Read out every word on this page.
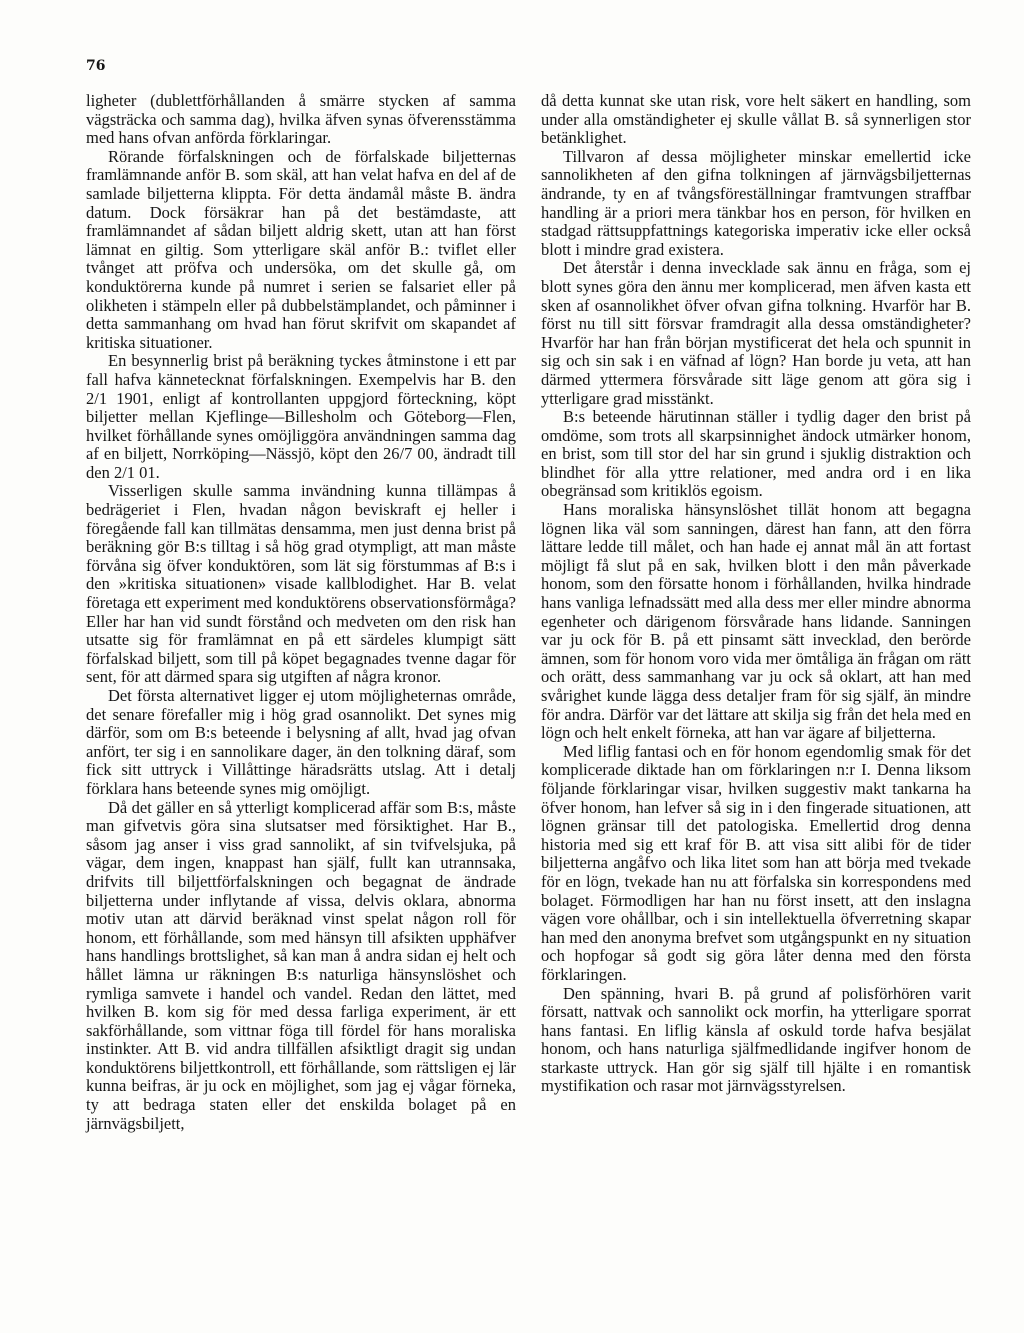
76

ligheter (dublettförhållanden å smärre stycken af samma vägsträcka och samma dag), hvilka äfven synas öfverensstämma med hans ofvan anförda förklaringar.

Rörande förfalskningen och de förfalskade biljetternas framlämnande anför B. som skäl, att han velat hafva en del af de samlade biljetterna klippta. För detta ändamål måste B. ändra datum. Dock försäkrar han på det bestämdaste, att framlämnandet af sådan biljett aldrig skett, utan att han först lämnat en giltig. Som ytterligare skäl anför B.: tviflet eller tvånget att pröfva och undersöka, om det skulle gå, om konduktörerna kunde på numret i serien se falsariet eller på olikheten i stämpeln eller på dubbelstämplandet, och påminner i detta sammanhang om hvad han förut skrifvit om skapandet af kritiska situationer.

En besynnerlig brist på beräkning tyckes åtminstone i ett par fall hafva kännetecknat förfalskningen. Exempelvis har B. den 2/1 1901, enligt af kontrollanten uppgjord förteckning, köpt biljetter mellan Kjeflinge—Billesholm och Göteborg—Flen, hvilket förhållande synes omöjliggöra användningen samma dag af en biljett, Norrköping—Nässjö, köpt den 26/7 00, ändradt till den 2/1 01.

Visserligen skulle samma invändning kunna tillämpas å bedrägeriet i Flen, hvadan någon beviskraft ej heller i föregående fall kan tillmätas densamma, men just denna brist på beräkning gör B:s tilltag i så hög grad otympligt, att man måste förvåna sig öfver konduktören, som lät sig förstummas af B:s i den »kritiska situationen» visade kallblodighet. Har B. velat företaga ett experiment med konduktörens observationsförmåga? Eller har han vid sundt förstånd och medveten om den risk han utsatte sig för framlämnat en på ett särdeles klumpigt sätt förfalskad biljett, som till på köpet begagnades tvenne dagar för sent, för att därmed spara sig utgiften af några kronor.

Det första alternativet ligger ej utom möjligheternas område, det senare förefaller mig i hög grad osannolikt. Det synes mig därför, som om B:s beteende i belysning af allt, hvad jag ofvan anfört, ter sig i en sannolikare dager, än den tolkning däraf, som fick sitt uttryck i Villåttinge häradsrätts utslag. Att i detalj förklara hans beteende synes mig omöjligt.

Då det gäller en så ytterligt komplicerad affär som B:s, måste man gifvetvis göra sina slutsatser med försiktighet. Har B., såsom jag anser i viss grad sannolikt, af sin tvifvelsjuka, på vägar, dem ingen, knappast han själf, fullt kan utrannsaka, drifvits till biljettförfalskningen och begagnat de ändrade biljetterna under inflytande af vissa, delvis oklara, abnorma motiv utan att därvid beräknad vinst spelat någon roll för honom, ett förhållande, som med hänsyn till afsikten upphäfver hans handlings brottslighet, så kan man å andra sidan ej helt och hållet lämna ur räkningen B:s naturliga hänsynslöshet och rymliga samvete i handel och vandel. Redan den lättet, med hvilken B. kom sig för med dessa farliga experiment, är ett sakförhållande, som vittnar föga till fördel för hans moraliska instinkter. Att B. vid andra tillfällen afsiktligt dragit sig undan konduktörens biljettkontroll, ett förhållande, som rättsligen ej lär kunna beifras, är ju ock en möjlighet, som jag ej vågar förneka, ty att bedraga staten eller det enskilda bolaget på en järnvägsbiljett,

då detta kunnat ske utan risk, vore helt säkert en handling, som under alla omständigheter ej skulle vållat B. så synnerligen stor betänklighet.

Tillvaron af dessa möjligheter minskar emellertid icke sannolikheten af den gifna tolkningen af järnvägsbiljetternas ändrande, ty en af tvångsföreställningar framtvungen straffbar handling är a priori mera tänkbar hos en person, för hvilken en stadgad rättsuppfattnings kategoriska imperativ icke eller också blott i mindre grad existera.

Det återstår i denna invecklade sak ännu en fråga, som ej blott synes göra den ännu mer komplicerad, men äfven kasta ett sken af osannolikhet öfver ofvan gifna tolkning. Hvarför har B. först nu till sitt försvar framdragit alla dessa omständigheter? Hvarför har han från början mystificerat det hela och spunnit in sig och sin sak i en väfnad af lögn? Han borde ju veta, att han därmed yttermera försvårade sitt läge genom att göra sig i ytterligare grad misstänkt.

B:s beteende härutinnan ställer i tydlig dager den brist på omdöme, som trots all skarpsinnighet ändock utmärker honom, en brist, som till stor del har sin grund i sjuklig distraktion och blindhet för alla yttre relationer, med andra ord i en lika obegränsad som kritiklös egoism.

Hans moraliska hänsynslöshet tillät honom att begagna lögnen lika väl som sanningen, därest han fann, att den förra lättare ledde till målet, och han hade ej annat mål än att fortast möjligt få slut på en sak, hvilken blott i den mån påverkade honom, som den försatte honom i förhållanden, hvilka hindrade hans vanliga lefnadssätt med alla dess mer eller mindre abnorma egenheter och därigenom försvårade hans lidande. Sanningen var ju ock för B. på ett pinsamt sätt invecklad, den berörde ämnen, som för honom voro vida mer ömtåliga än frågan om rätt och orätt, dess sammanhang var ju ock så oklart, att han med svårighet kunde lägga dess detaljer fram för sig själf, än mindre för andra. Därför var det lättare att skilja sig från det hela med en lögn och helt enkelt förneka, att han var ägare af biljetterna.

Med liflig fantasi och en för honom egendomlig smak för det komplicerade diktade han om förklaringen n:r I. Denna liksom följande förklaringar visar, hvilken suggestiv makt tankarna ha öfver honom, han lefver så sig in i den fingerade situationen, att lögnen gränsar till det patologiska. Emellertid drog denna historia med sig ett kraf för B. att visa sitt alibi för de tider biljetterna angåfvo och lika litet som han att börja med tvekade för en lögn, tvekade han nu att förfalska sin korrespondens med bolaget. Förmodligen har han nu först insett, att den inslagna vägen vore ohållbar, och i sin intellektuella öfverretning skapar han med den anonyma brefvet som utgångspunkt en ny situation och hopfogar så godt sig göra låter denna med den första förklaringen.

Den spänning, hvari B. på grund af polisförhören varit försatt, nattvak och sannolikt ock morfin, ha ytterligare sporrat hans fantasi. En liflig känsla af oskuld torde hafva besjälat honom, och hans naturliga själfmedlidande ingifver honom de starkaste uttryck. Han gör sig själf till hjälte i en romantisk mystifikation och rasar mot järnvägsstyrelsen.
